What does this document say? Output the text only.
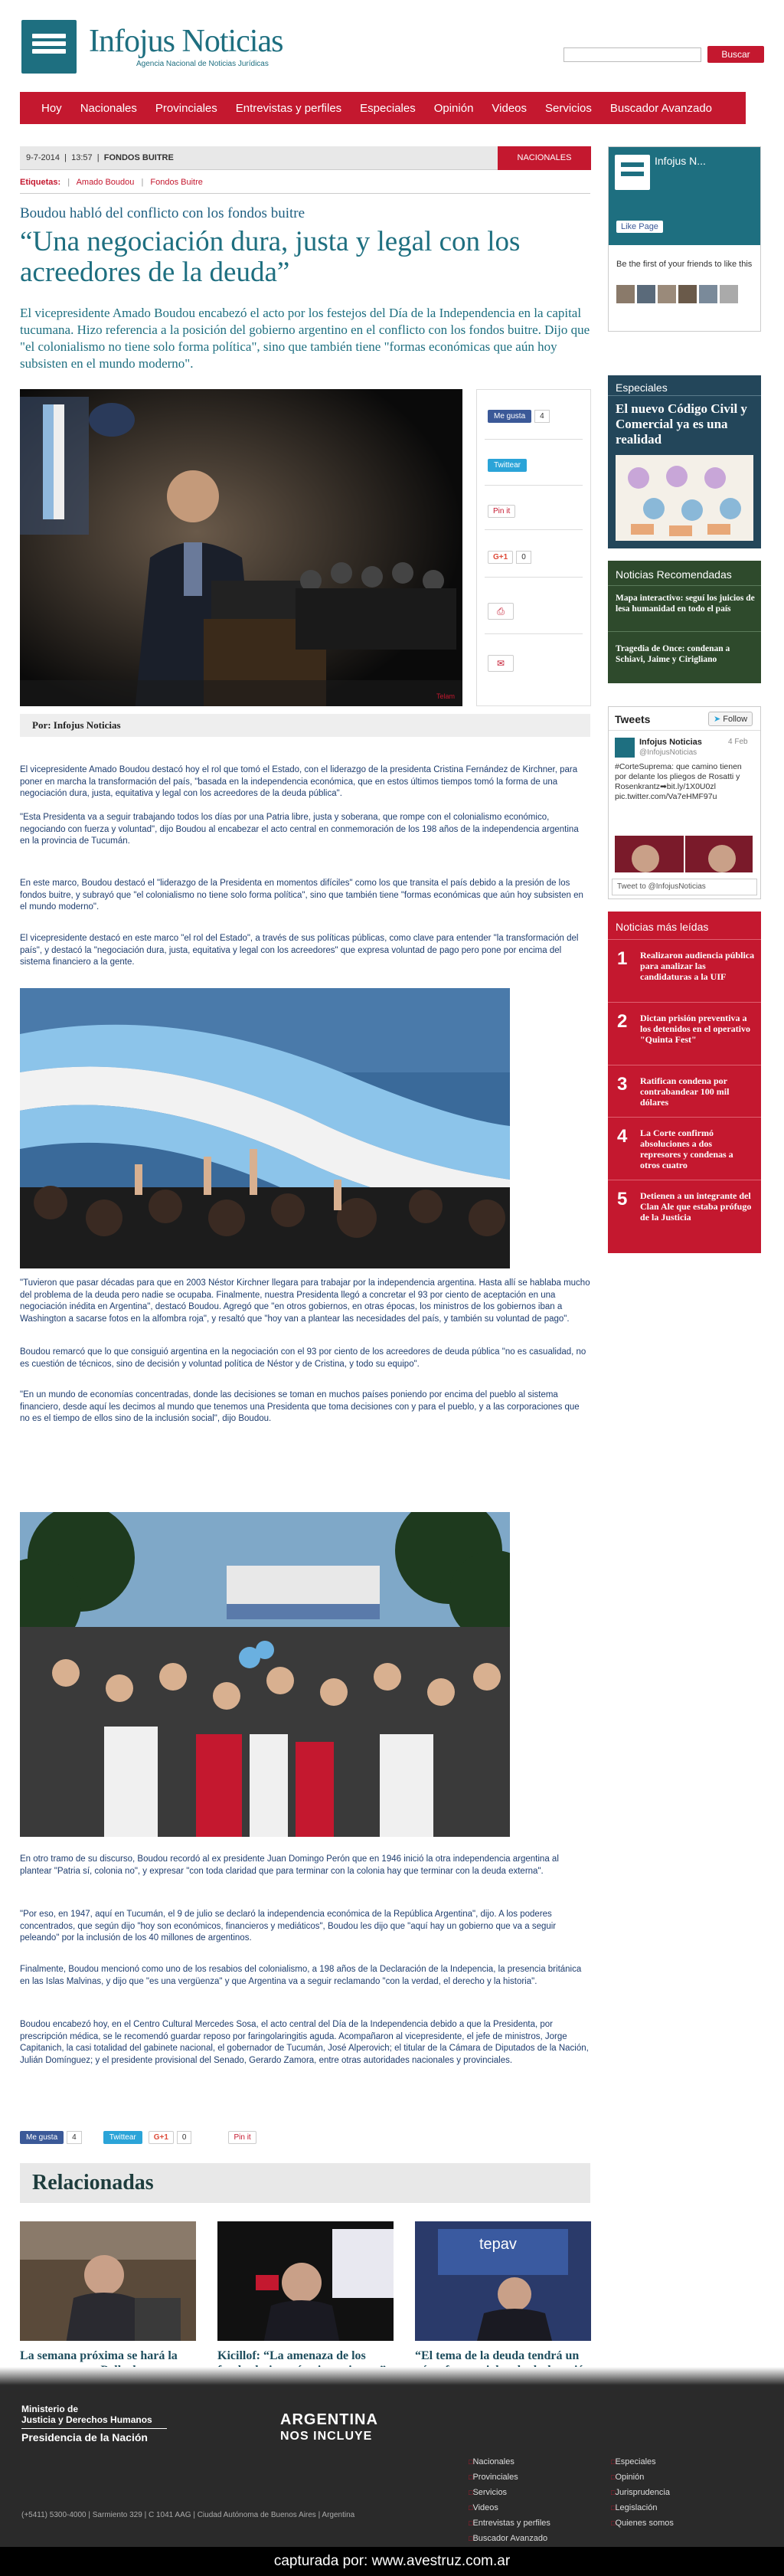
Infojus Noticias
Agencia Nacional de Noticias Jurídicas
Buscar
Hoy	Nacionales	Provinciales	Entrevistas y perfiles	Especiales	Opinión	Videos	Servicios	Buscador Avanzado
9-7-2014  |  13:57  |  FONDOS BUITRE	NACIONALES
Etiquetas: | Amado Boudou | Fondos Buitre
Boudou habló del conflicto con los fondos buitre
“Una negociación dura, justa y legal con los acreedores de la deuda”
El vicepresidente Amado Boudou encabezó el acto por los festejos del Día de la Independencia en la capital tucumana. Hizo referencia a la posición del gobierno argentino en el conflicto con los fondos buitre. Dijo que "el colonialismo no tiene solo forma política", sino que también tiene "formas económicas que aún hoy subsisten en el mundo moderno".
Telam
Me gusta 4
Twittear
Pin it
G+1 0
⎙
✉
Por: Infojus Noticias
El vicepresidente Amado Boudou destacó hoy el rol que tomó el Estado, con el liderazgo de la presidenta Cristina Fernández de Kirchner, para poner en marcha la transformación del país, "basada en la independencia económica, que en estos últimos tiempos tomó la forma de una negociación dura, justa, equitativa y legal con los acreedores de la deuda pública".
"Esta Presidenta va a seguir trabajando todos los días por una Patria libre, justa y soberana, que rompe con el colonialismo económico, negociando con fuerza y voluntad", dijo Boudou al encabezar el acto central en conmemoración de los 198 años de la independencia argentina en la provincia de Tucumán.
En este marco, Boudou destacó el "liderazgo de la Presidenta en momentos difíciles" como los que transita el país debido a la presión de los fondos buitre, y subrayó que "el colonialismo no tiene solo forma política", sino que también tiene "formas económicas que aún hoy subsisten en el mundo moderno".
El vicepresidente destacó en este marco "el rol del Estado", a través de sus políticas públicas, como clave para entender "la transformación del país", y destacó la "negociación dura, justa, equitativa y legal con los acreedores" que expresa voluntad de pago pero pone por encima del sistema financiero a la gente.
"Tuvieron que pasar décadas para que en 2003 Néstor Kirchner llegara para trabajar por la independencia argentina. Hasta allí se hablaba mucho del problema de la deuda pero nadie se ocupaba. Finalmente, nuestra Presidenta llegó a concretar el 93 por ciento de aceptación en una negociación inédita en Argentina", destacó Boudou. Agregó que "en otros gobiernos, en otras épocas, los ministros de los gobiernos iban a Washington a sacarse fotos en la alfombra roja", y resaltó que "hoy van a plantear las necesidades del país, y también su voluntad de pago".
Boudou remarcó que lo que consiguió argentina en la negociación con el 93 por ciento de los acreedores de deuda pública "no es casualidad, no es cuestión de técnicos, sino de decisión y voluntad política de Néstor y de Cristina, y todo su equipo".
"En un mundo de economías concentradas, donde las decisiones se toman en muchos países poniendo por encima del pueblo al sistema financiero, desde aquí les decimos al mundo que tenemos una Presidenta que toma decisiones con y para el pueblo, y a las corporaciones que no es el tiempo de ellos sino de la inclusión social", dijo Boudou.
En otro tramo de su discurso, Boudou recordó al ex presidente Juan Domingo Perón que en 1946 inició la otra independencia argentina al plantear "Patria sí, colonia no", y expresar "con toda claridad que para terminar con la colonia hay que terminar con la deuda externa".
"Por eso, en 1947, aquí en Tucumán, el 9 de julio se declaró la independencia económica de la República Argentina", dijo. A los poderes concentrados, que según dijo "hoy son económicos, financieros y mediáticos", Boudou les dijo que "aquí hay un gobierno que va a seguir peleando" por la inclusión de los 40 millones de argentinos.
Finalmente, Boudou mencionó como uno de los resabios del colonialismo, a 198 años de la Declaración de la Indepencia, la presencia británica en las Islas Malvinas, y dijo que "es una vergüenza" y que Argentina va a seguir reclamando "con la verdad, el derecho y la historia".
Boudou encabezó hoy, en el Centro Cultural Mercedes Sosa, el acto central del Día de la Independencia debido a que la Presidenta, por prescripción médica, se le recomendó guardar reposo por faringolaringitis aguda. Acompañaron al vicepresidente, el jefe de ministros, Jorge Capitanich, la casi totalidad del gabinete nacional, el gobernador de Tucumán, José Alperovich; el titular de la Cámara de Diputados de la Nación, Julián Domínguez; y el presidente provisional del Senado, Gerardo Zamora, entre otras autoridades nacionales y provinciales.
Me gusta	4	Twittear	G+1	0	Pin it
Relacionadas
tepav
La semana próxima se hará la	Kicillof: “La amenaza de los	“El tema de la deuda tendrá un
Infojus N...
Like Page
Be the first of your friends to like this
Especiales
El nuevo Código Civil y Comercial ya es una realidad
Noticias Recomendadas
Mapa interactivo: seguí los juicios de lesa humanidad en todo el país
Tragedia de Once: condenan a Schiavi, Jaime y Cirigliano
Tweets	➤ Follow
Infojus Noticias	4 Feb
@InfojusNoticias
#CorteSuprema: que camino tienen por delante los pliegos de Rosatti y Rosenkrantz➡bit.ly/1X0U0zl pic.twitter.com/Va7eHMF97u
Tweet to @InfojusNoticias
Noticias más leídas
1 Realizaron audiencia pública para analizar las candidaturas a la UIF
2 Dictan prisión preventiva a los detenidos en el operativo "Quinta Fest"
3 Ratifican condena por contrabandear 100 mil dólares
4 La Corte confirmó absoluciones a dos represores y condenas a otros cuatro
5 Detienen a un integrante del Clan Ale que estaba prófugo de la Justicia
Ministerio de
Justicia y Derechos Humanos
Presidencia de la Nación
ARGENTINA
NOS INCLUYE
(+5411) 5300-4000 | Sarmiento 329 | C 1041 AAG | Ciudad Autónoma de Buenos Aires | Argentina
□ Nacionales
□ Provinciales
□ Servicios
□ Videos
□ Entrevistas y perfiles
□ Buscador Avanzado
□ Especiales
□ Opinión
□ Jurisprudencia
□ Legislación
□ Quienes somos
capturada por: www.avestruz.com.ar
